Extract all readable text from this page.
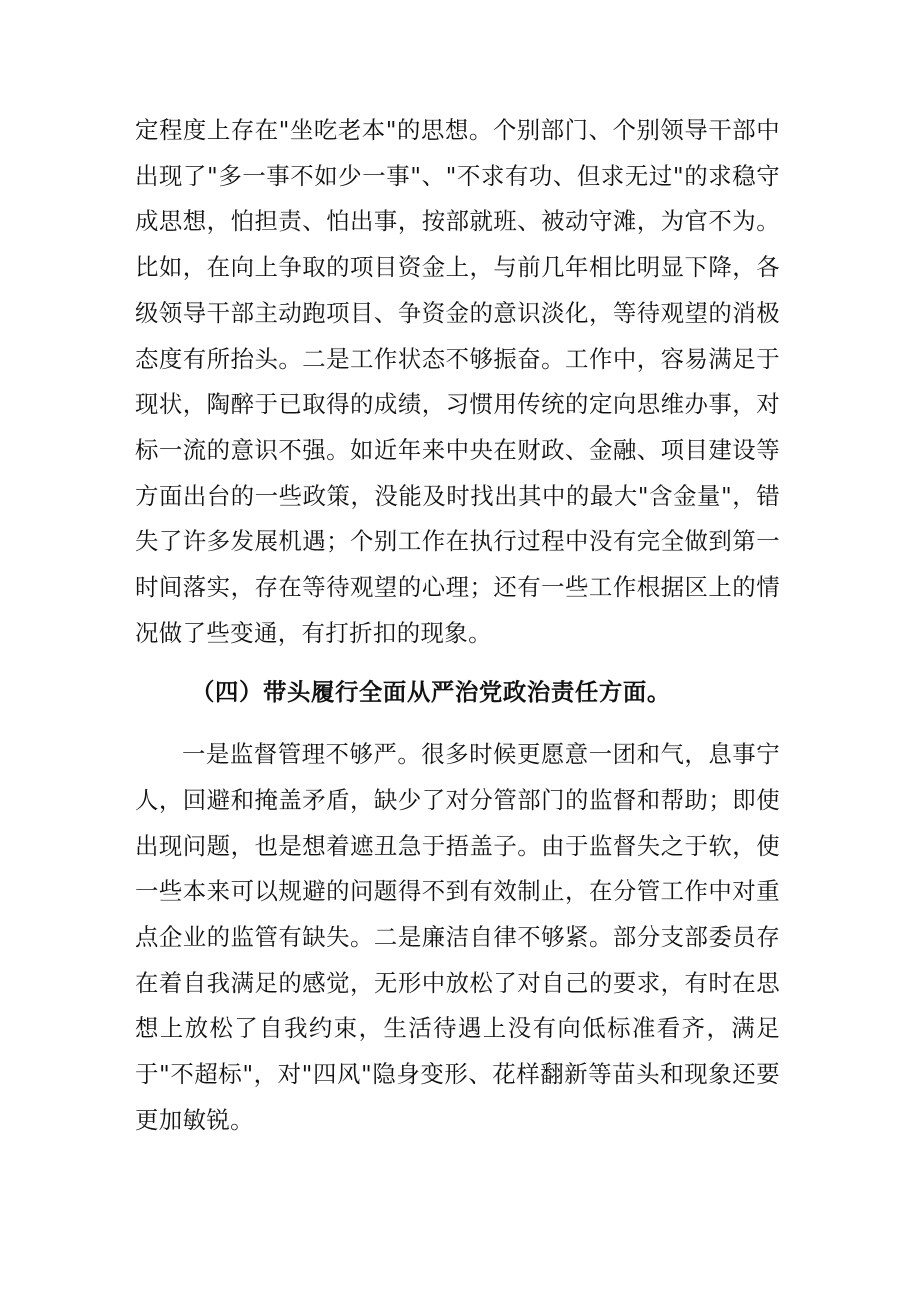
定程度上存在"坐吃老本"的思想。个别部门、个别领导干部中出现了"多一事不如少一事"、"不求有功、但求无过"的求稳守成思想，怕担责、怕出事，按部就班、被动守滩，为官不为。比如，在向上争取的项目资金上，与前几年相比明显下降，各级领导干部主动跑项目、争资金的意识淡化，等待观望的消极态度有所抬头。二是工作状态不够振奋。工作中，容易满足于现状，陶醉于已取得的成绩，习惯用传统的定向思维办事，对标一流的意识不强。如近年来中央在财政、金融、项目建设等方面出台的一些政策，没能及时找出其中的最大"含金量"，错失了许多发展机遇；个别工作在执行过程中没有完全做到第一时间落实，存在等待观望的心理；还有一些工作根据区上的情况做了些变通，有打折扣的现象。

（四）带头履行全面从严治党政治责任方面。

一是监督管理不够严。很多时候更愿意一团和气，息事宁人，回避和掩盖矛盾，缺少了对分管部门的监督和帮助；即使出现问题，也是想着遮丑急于捂盖子。由于监督失之于软，使一些本来可以规避的问题得不到有效制止，在分管工作中对重点企业的监管有缺失。二是廉洁自律不够紧。部分支部委员存在着自我满足的感觉，无形中放松了对自己的要求，有时在思想上放松了自我约束，生活待遇上没有向低标准看齐，满足于"不超标"，对"四风"隐身变形、花样翻新等苗头和现象还要更加敏锐。
